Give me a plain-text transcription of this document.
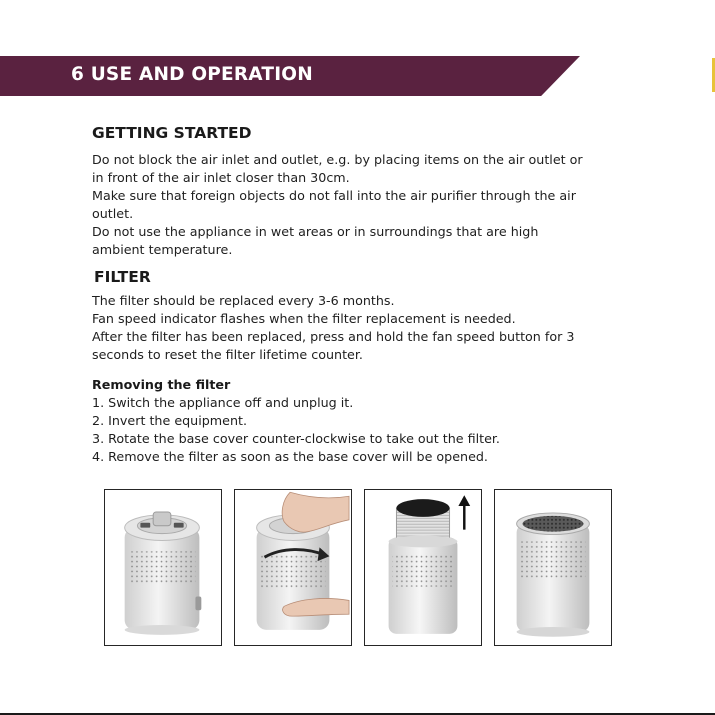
6 USE AND OPERATION
GETTING STARTED
Do not block the air inlet and outlet, e.g. by placing items on the air outlet or
in front of the air inlet closer than 30cm.
Make sure that foreign objects do not fall into the air purifier through the air
outlet.
Do not use the appliance in wet areas or in surroundings that are high
ambient temperature.
FILTER
The filter should be replaced every 3-6 months.
Fan speed indicator flashes when the filter replacement is needed.
After the filter has been replaced, press and hold the fan speed button for 3
seconds to reset the filter lifetime counter.
Removing the filter
1. Switch the appliance off and unplug it.
2. Invert the equipment.
3. Rotate the base cover counter-clockwise to take out the filter.
4. Remove the filter as soon as the base cover will be opened.
